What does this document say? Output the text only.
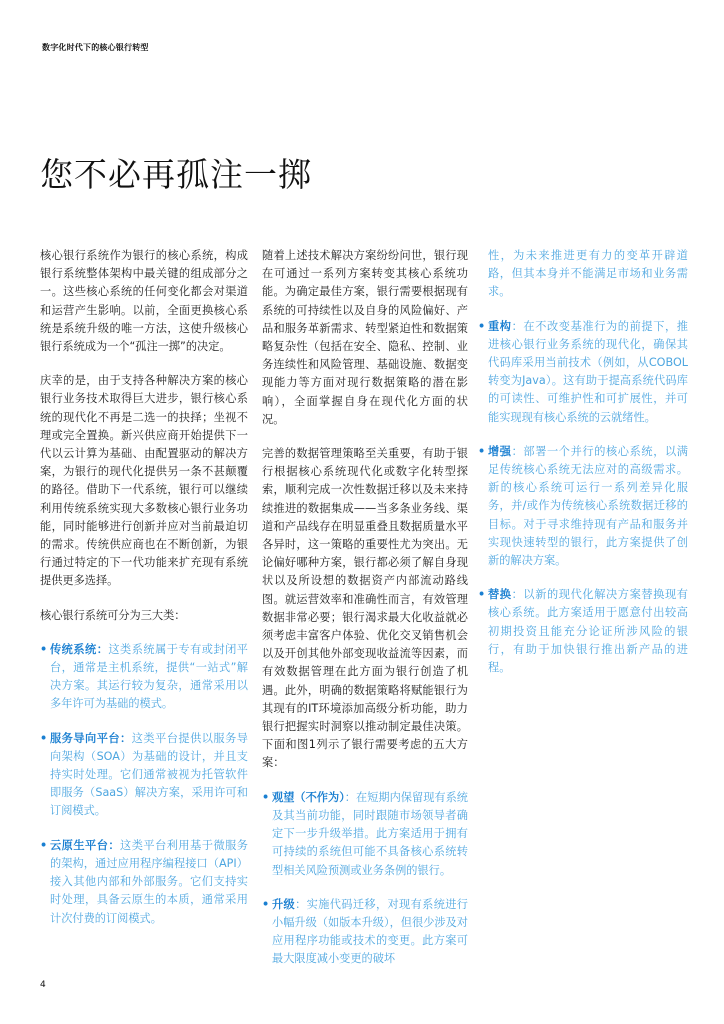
数字化时代下的核心银行转型
您不必再孤注一掷

核心银行系统作为银行的核心系统，构成银行系统整体架构中最关键的组成部分之一。这些核心系统的任何变化都会对渠道和运营产生影响。以前，全面更换核心系统是系统升级的唯一方法，这使升级核心银行系统成为一个“孤注一掷”的决定。

庆幸的是，由于支持各种解决方案的核心银行业务技术取得巨大进步，银行核心系统的现代化不再是二选一的抉择；坐视不理或完全置换。新兴供应商开始提供下一代以云计算为基础、由配置驱动的解决方案，为银行的现代化提供另一条不甚颠覆的路径。借助下一代系统，银行可以继续利用传统系统实现大多数核心银行业务功能，同时能够进行创新并应对当前最迫切的需求。传统供应商也在不断创新，为银行通过特定的下一代功能来扩充现有系统提供更多选择。

核心银行系统可分为三大类：

• 传统系统：这类系统属于专有或封闭平台，通常是主机系统，提供“一站式”解决方案。其运行较为复杂，通常采用以多年许可为基础的模式。
• 服务导向平台：这类平台提供以服务导向架构（SOA）为基础的设计，并且支持实时处理。它们通常被视为托管软件即服务（SaaS）解决方案，采用许可和订阅模式。
• 云原生平台：这类平台利用基于微服务的架构，通过应用程序编程接口（API）接入其他内部和外部服务。它们支持实时处理，具备云原生的本质，通常采用计次付费的订阅模式。

随着上述技术解决方案纷纷问世，银行现在可通过一系列方案转变其核心系统功能。为确定最佳方案，银行需要根据现有系统的可持续性以及自身的风险偏好、产品和服务革新需求、转型紧迫性和数据策略复杂性（包括在安全、隐私、控制、业务连续性和风险管理、基础设施、数据变现能力等方面对现行数据策略的潜在影响），全面掌握自身在现代化方面的状况。

完善的数据管理策略至关重要，有助于银行根据核心系统现代化或数字化转型探索，顺利完成一次性数据迁移以及未来持续推进的数据集成——当多条业务线、渠道和产品线存在明显重叠且数据质量水平各异时，这一策略的重要性尤为突出。无论偏好哪种方案，银行都必须了解自身现状以及所设想的数据资产内部流动路线图。就运营效率和准确性而言，有效管理数据非常必要；银行渴求最大化收益就必须考虑丰富客户体验、优化交叉销售机会以及开创其他外部变现收益流等因素，而有效数据管理在此方面为银行创造了机遇。此外，明确的数据策略将赋能银行为其现有的IT环境添加高级分析功能，助力银行把握实时洞察以推动制定最佳决策。下面和图1列示了银行需要考虑的五大方案：

• 观望（不作为）：在短期内保留现有系统及其当前功能，同时跟随市场领导者确定下一步升级举措。此方案适用于拥有可持续的系统但可能不具备核心系统转型相关风险预测或业务条例的银行。
• 升级：实施代码迁移，对现有系统进行小幅升级（如版本升级），但很少涉及对应用程序功能或技术的变更。此方案可最大限度减小变更的破坏
性，为未来推进更有力的变革开辟道路，但其本身并不能满足市场和业务需求。
• 重构：在不改变基准行为的前提下，推进核心银行业务系统的现代化，确保其代码库采用当前技术（例如，从COBOL转变为Java）。这有助于提高系统代码库的可读性、可维护性和可扩展性，并可能实现现有核心系统的云就绪性。
• 增强：部署一个并行的核心系统，以满足传统核心系统无法应对的高级需求。新的核心系统可运行一系列差异化服务，并/或作为传统核心系统数据迁移的目标。对于寻求维持现有产品和服务并实现快速转型的银行，此方案提供了创新的解决方案。
• 替换：以新的现代化解决方案替换现有核心系统。此方案适用于愿意付出较高初期投资且能充分论证所涉风险的银行，有助于加快银行推出新产品的进程。
4
